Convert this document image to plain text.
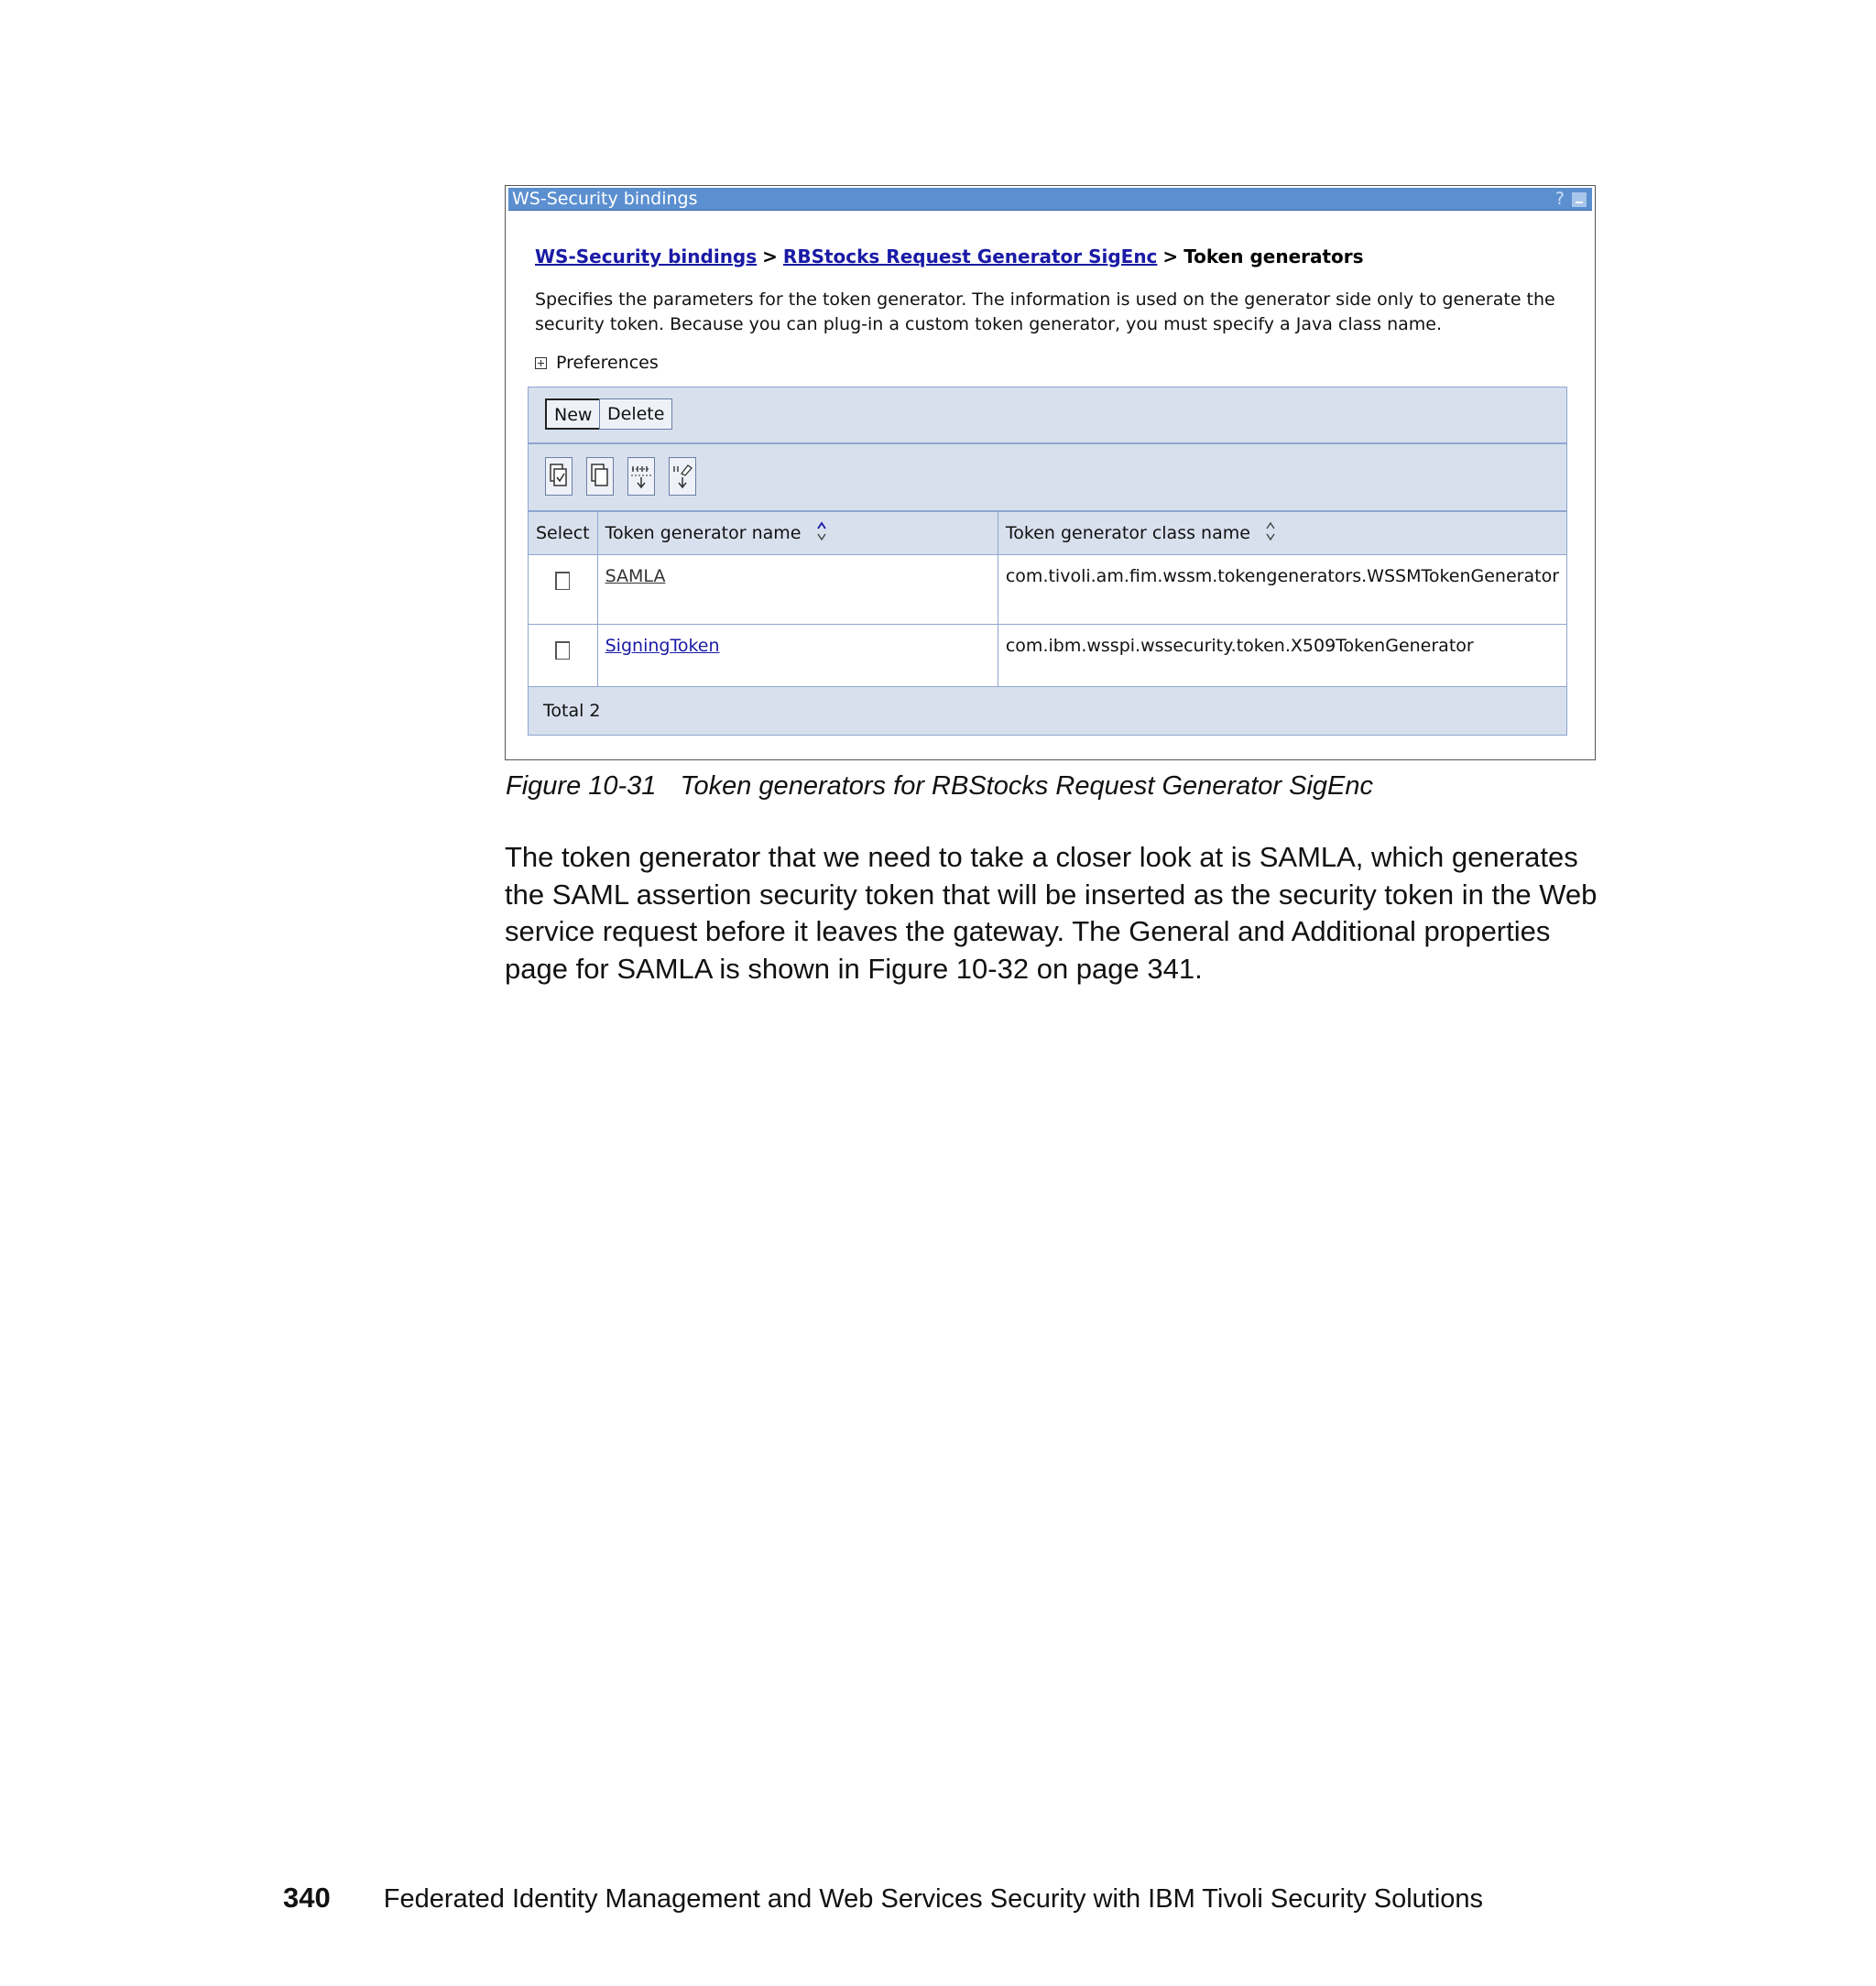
WS-Security bindings	?
WS-Security bindings > RBStocks Request Generator SigEnc > Token generators
Specifies the parameters for the token generator. The information is used on the generator side only to generate the security token. Because you can plug-in a custom token generator, you must specify a Java class name.
Preferences
New Delete
Select	Token generator name	Token generator class name
	SAMLA	com.tivoli.am.fim.wssm.tokengenerators.WSSMTokenGenerator
	SigningToken	com.ibm.wsspi.wssecurity.token.X509TokenGenerator
Total 2
Figure 10-31 Token generators for RBStocks Request Generator SigEnc
The token generator that we need to take a closer look at is SAMLA, which generates the SAML assertion security token that will be inserted as the security token in the Web service request before it leaves the gateway. The General and Additional properties page for SAMLA is shown in Figure 10-32 on page 341.
340 Federated Identity Management and Web Services Security with IBM Tivoli Security Solutions
